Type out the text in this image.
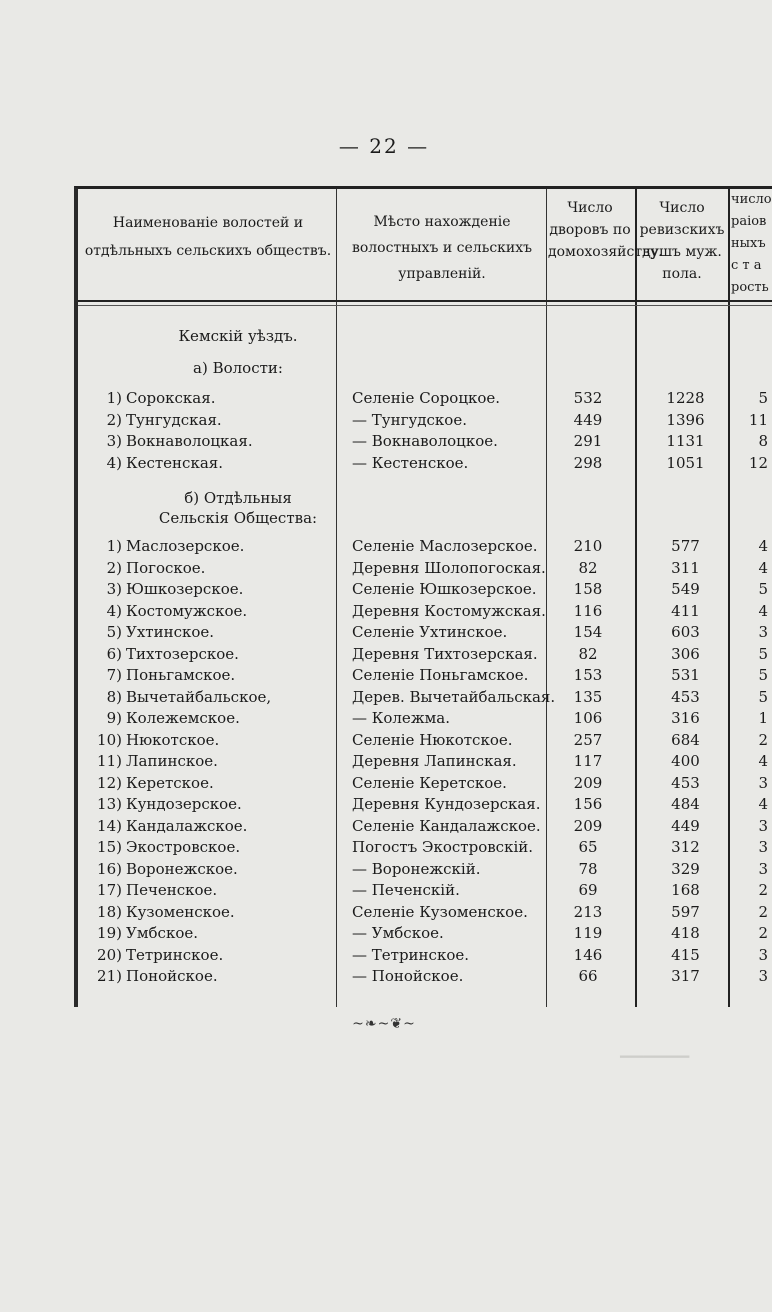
— 22 —
▁▁▁▁▁▁
Наименованіе волостей и отдѣльныхъ сельскихъ обществъ.
Мѣсто нахожденіе волостныхъ и сельскихъ управленій.
Число дворовъ по домохозяйству.
Число ревизскихъ душъ муж. пола.
число раіов ныхъ с т а рость
Кемскій уѣздъ.
а) Волости:
1) Сорокская.	Селеніе Сороцкое.	532	1228	5
2) Тунгудская.	— Тунгудское.	449	1396	11
3) Вокнаволоцкая.	— Вокнаволоцкое.	291	1131	8
4) Кестенская.	— Кестенское.	298	1051	12
б) Отдѣльныя
Сельскія Общества:
1) Маслозерское.	Селеніе Маслозерское.	210	577	4
2) Погоское.	Деревня Шолопогоская.	82	311	4
3) Юшкозерское.	Селеніе Юшкозерское.	158	549	5
4) Костомужское.	Деревня Костомужская.	116	411	4
5) Ухтинское.	Селеніе Ухтинское.	154	603	3
6) Тихтозерское.	Деревня Тихтозерская.	82	306	5
7) Поньгамское.	Селеніе Поньгамское.	153	531	5
8) Вычетайбальское,	Дерев. Вычетайбальская.	135	453	5
9) Колежемское.	— Колежма.	106	316	1
10) Нюкотское.	Селеніе Нюкотское.	257	684	2
11) Лапинское.	Деревня Лапинская.	117	400	4
12) Керетское.	Селеніе Керетское.	209	453	3
13) Кундозерское.	Деревня Кундозерская.	156	484	4
14) Кандалажское.	Селеніе Кандалажское.	209	449	3
15) Экостровское.	Погостъ Экостровскій.	65	312	3
16) Воронежское.	— Воронежскій.	78	329	3
17) Печенское.	— Печенскій.	69	168	2
18) Кузоменское.	Селеніе Кузоменское.	213	597	2
19) Умбское.	— Умбское.	119	418	2
20) Тетринское.	— Тетринское.	146	415	3
21) Понойское.	— Понойское.	66	317	3
~❧~❦~
